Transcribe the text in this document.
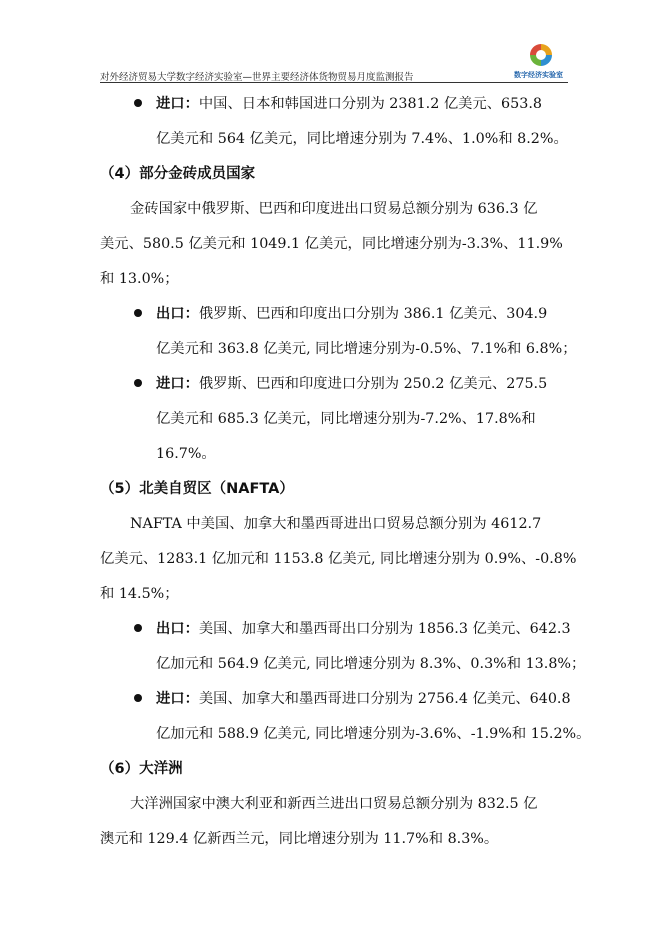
对外经济贸易大学数字经济实验室—世界主要经济体货物贸易月度监测报告	数字经济实验室
进口：中国、日本和韩国进口分别为 2381.2 亿美元、653.8
亿美元和 564 亿美元，同比增速分别为 7.4%、1.0%和 8.2%。
（4）部分金砖成员国家
金砖国家中俄罗斯、巴西和印度进出口贸易总额分别为 636.3 亿
美元、580.5 亿美元和 1049.1 亿美元，同比增速分别为-3.3%、11.9%
和 13.0%；
出口：俄罗斯、巴西和印度出口分别为 386.1 亿美元、304.9
亿美元和 363.8 亿美元, 同比增速分别为-0.5%、7.1%和 6.8%；
进口：俄罗斯、巴西和印度进口分别为 250.2 亿美元、275.5
亿美元和 685.3 亿美元，同比增速分别为-7.2%、17.8%和
16.7%。
（5）北美自贸区（NAFTA）
NAFTA 中美国、加拿大和墨西哥进出口贸易总额分别为 4612.7
亿美元、1283.1 亿加元和 1153.8 亿美元, 同比增速分别为 0.9%、-0.8%
和 14.5%；
出口：美国、加拿大和墨西哥出口分别为 1856.3 亿美元、642.3
亿加元和 564.9 亿美元, 同比增速分别为 8.3%、0.3%和 13.8%；
进口：美国、加拿大和墨西哥进口分别为 2756.4 亿美元、640.8
亿加元和 588.9 亿美元, 同比增速分别为-3.6%、-1.9%和 15.2%。
（6）大洋洲
大洋洲国家中澳大利亚和新西兰进出口贸易总额分别为 832.5 亿
澳元和 129.4 亿新西兰元，同比增速分别为 11.7%和 8.3%。
